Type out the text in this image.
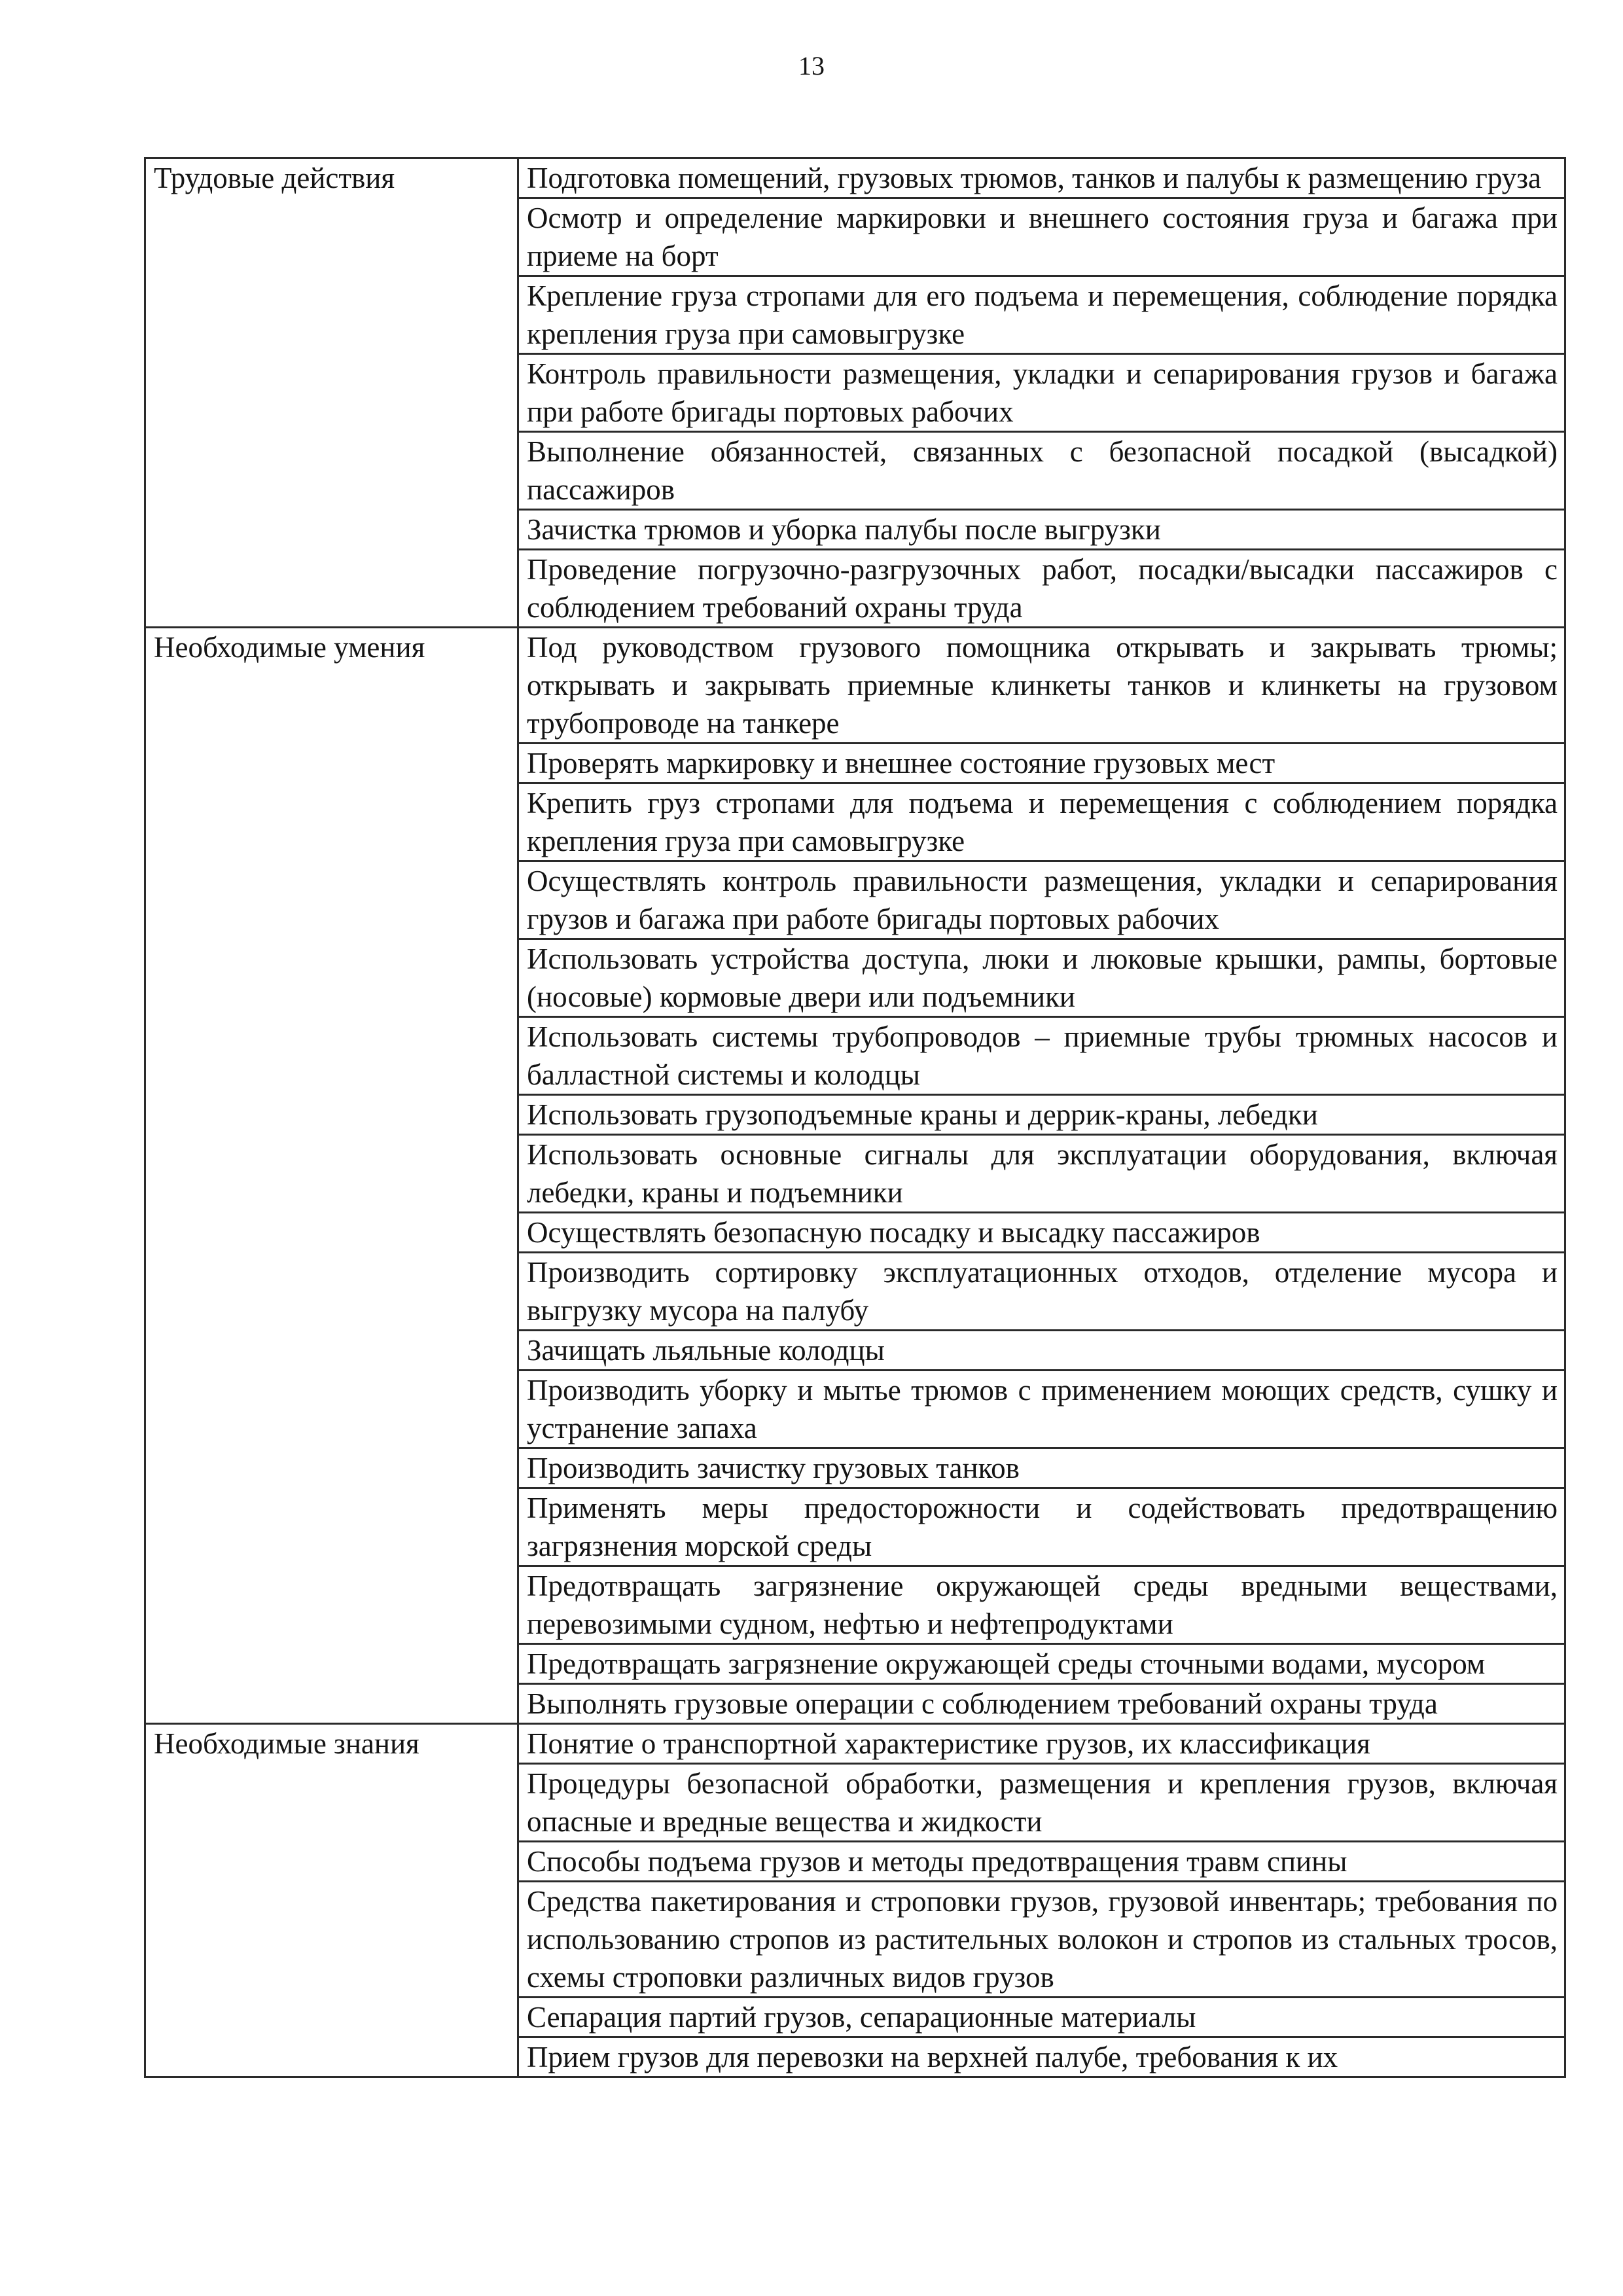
13
Трудовые действия	Подготовка помещений, грузовых трюмов, танков и палубы к размещению груза
	Осмотр и определение маркировки и внешнего состояния груза и багажа при приеме на борт
	Крепление груза стропами для его подъема и перемещения, соблюдение порядка крепления груза при самовыгрузке
	Контроль правильности размещения, укладки и сепарирования грузов и багажа при работе бригады портовых рабочих
	Выполнение обязанностей, связанных с безопасной посадкой (высадкой) пассажиров
	Зачистка трюмов и уборка палубы после выгрузки
	Проведение погрузочно-разгрузочных работ, посадки/высадки пассажиров с соблюдением требований охраны труда
Необходимые умения	Под руководством грузового помощника открывать и закрывать трюмы; открывать и закрывать приемные клинкеты танков и клинкеты на грузовом трубопроводе на танкере
	Проверять маркировку и внешнее состояние грузовых мест
	Крепить груз стропами для подъема и перемещения с соблюдением порядка крепления груза при самовыгрузке
	Осуществлять контроль правильности размещения, укладки и сепарирования грузов и багажа при работе бригады портовых рабочих
	Использовать устройства доступа, люки и люковые крышки, рампы, бортовые (носовые) кормовые двери или подъемники
	Использовать системы трубопроводов – приемные трубы трюмных насосов и балластной системы и колодцы
	Использовать грузоподъемные краны и деррик-краны, лебедки
	Использовать основные сигналы для эксплуатации оборудования, включая лебедки, краны и подъемники
	Осуществлять безопасную посадку и высадку пассажиров
	Производить сортировку эксплуатационных отходов, отделение мусора и выгрузку мусора на палубу
	Зачищать льяльные колодцы
	Производить уборку и мытье трюмов с применением моющих средств, сушку и устранение запаха
	Производить зачистку грузовых танков
	Применять меры предосторожности и содействовать предотвращению загрязнения морской среды
	Предотвращать загрязнение окружающей среды вредными веществами, перевозимыми судном, нефтью и нефтепродуктами
	Предотвращать загрязнение окружающей среды сточными водами, мусором
	Выполнять грузовые операции с соблюдением требований охраны труда
Необходимые знания	Понятие о транспортной характеристике грузов, их классификация
	Процедуры безопасной обработки, размещения и крепления грузов, включая опасные и вредные вещества и жидкости
	Способы подъема грузов и методы предотвращения травм спины
	Средства пакетирования и строповки грузов, грузовой инвентарь; требования по использованию стропов из растительных волокон и стропов из стальных тросов, схемы строповки различных видов грузов
	Сепарация партий грузов, сепарационные материалы
	Прием грузов для перевозки на верхней палубе, требования к их
